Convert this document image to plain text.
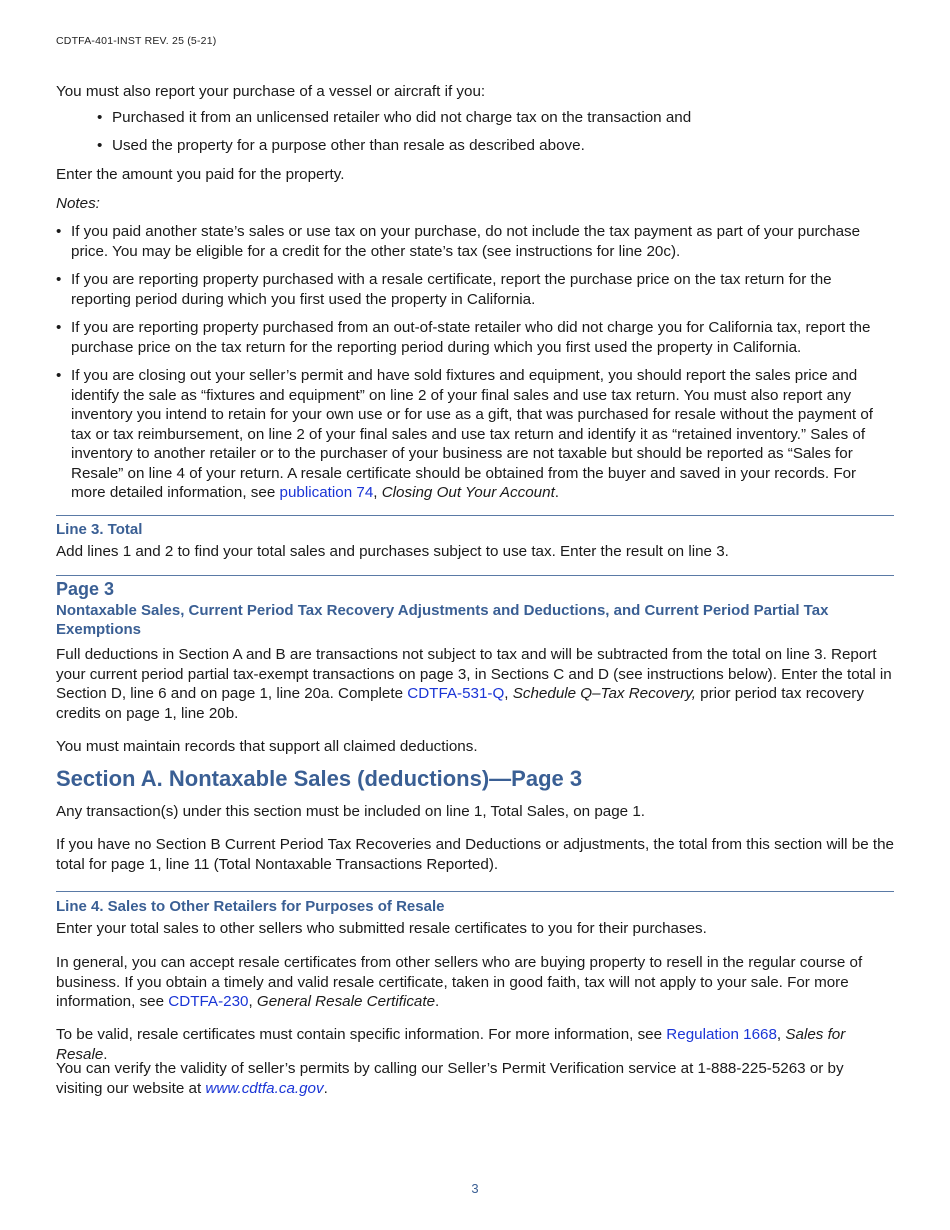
CDTFA-401-INST REV. 25 (5-21)

You must also report your purchase of a vessel or aircraft if you:

• Purchased it from an unlicensed retailer who did not charge tax on the transaction and
• Used the property for a purpose other than resale as described above.

Enter the amount you paid for the property.

Notes:

• If you paid another state’s sales or use tax on your purchase, do not include the tax payment as part of your purchase price. You may be eligible for a credit for the other state’s tax (see instructions for line 20c).
• If you are reporting property purchased with a resale certificate, report the purchase price on the tax return for the reporting period during which you first used the property in California.
• If you are reporting property purchased from an out-of-state retailer who did not charge you for California tax, report the purchase price on the tax return for the reporting period during which you first used the property in California.
• If you are closing out your seller’s permit and have sold fixtures and equipment, you should report the sales price and identify the sale as “fixtures and equipment” on line 2 of your final sales and use tax return. You must also report any inventory you intend to retain for your own use or for use as a gift, that was purchased for resale without the payment of tax or tax reimbursement, on line 2 of your final sales and use tax return and identify it as “retained inventory.” Sales of inventory to another retailer or to the purchaser of your business are not taxable but should be reported as “Sales for Resale” on line 4 of your return. A resale certificate should be obtained from the buyer and saved in your records. For more detailed information, see publication 74, Closing Out Your Account.

Line 3. Total

Add lines 1 and 2 to find your total sales and purchases subject to use tax. Enter the result on line 3.

Page 3

Nontaxable Sales, Current Period Tax Recovery Adjustments and Deductions, and Current Period Partial Tax Exemptions

Full deductions in Section A and B are transactions not subject to tax and will be subtracted from the total on line 3. Report your current period partial tax-exempt transactions on page 3, in Sections C and D (see instructions below). Enter the total in Section D, line 6 and on page 1, line 20a. Complete CDTFA-531-Q, Schedule Q–Tax Recovery, prior period tax recovery credits on page 1, line 20b.

You must maintain records that support all claimed deductions.

Section A. Nontaxable Sales (deductions)—Page 3

Any transaction(s) under this section must be included on line 1, Total Sales, on page 1.

If you have no Section B Current Period Tax Recoveries and Deductions or adjustments, the total from this section will be the total for page 1, line 11 (Total Nontaxable Transactions Reported).

Line 4. Sales to Other Retailers for Purposes of Resale

Enter your total sales to other sellers who submitted resale certificates to you for their purchases.

In general, you can accept resale certificates from other sellers who are buying property to resell in the regular course of business. If you obtain a timely and valid resale certificate, taken in good faith, tax will not apply to your sale. For more information, see CDTFA-230, General Resale Certificate.

To be valid, resale certificates must contain specific information. For more information, see Regulation 1668, Sales for Resale.

You can verify the validity of seller’s permits by calling our Seller’s Permit Verification service at 1-888-225-5263 or by visiting our website at www.cdtfa.ca.gov.

3
